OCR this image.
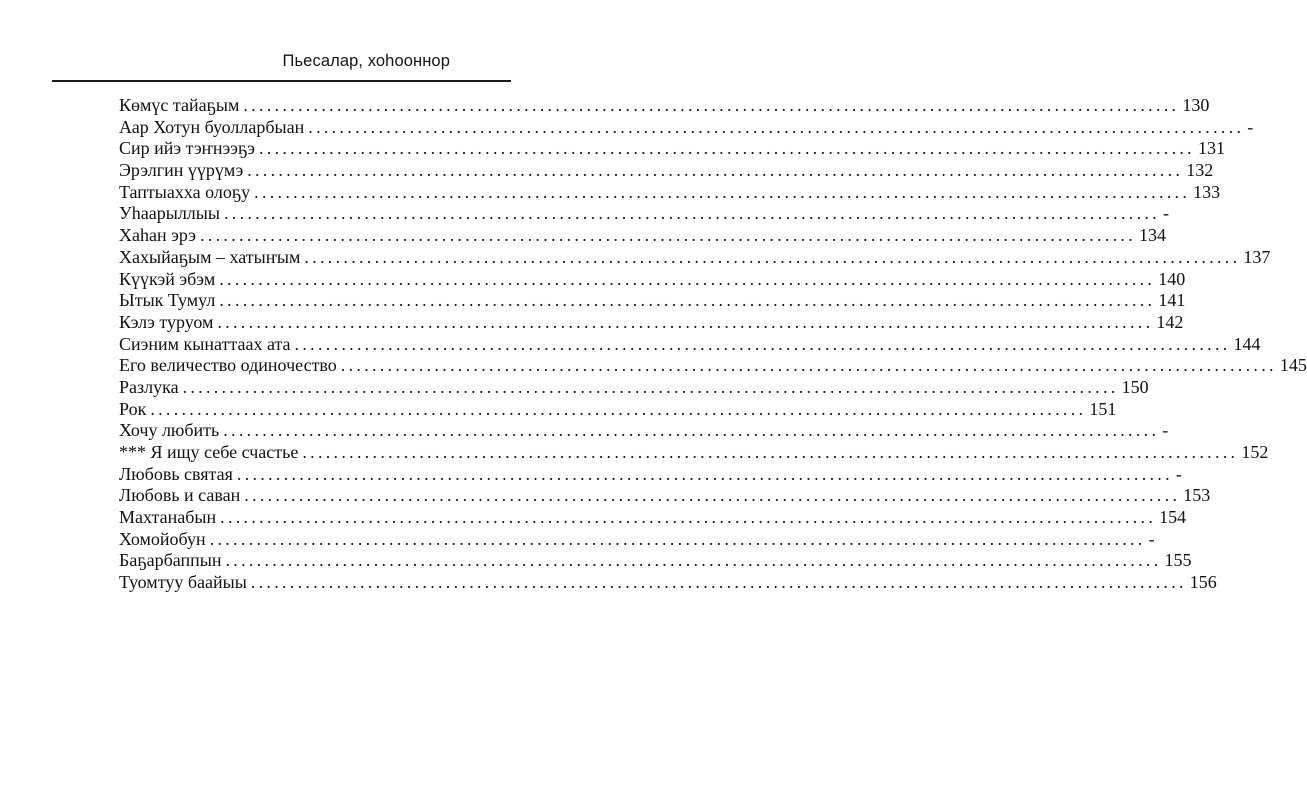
Пьесалар, хоһооннор
Көмүс тайаҕым ........................................................................................................................ 130
Аар Хотун буолларбыан ........................................................................................................................ -
Сир ийэ тэҥнээҕэ ........................................................................................................................ 131
Эрэлгин үүрүмэ ........................................................................................................................ 132
Таптыахха олоҕу ........................................................................................................................ 133
Уһаарыллыы ........................................................................................................................ -
Хаһан эрэ ........................................................................................................................ 134
Хахыйаҕым – хатыҥым ........................................................................................................................ 137
Күүкэй эбэм ........................................................................................................................ 140
Ытык Тумул ........................................................................................................................ 141
Кэлэ туруом ........................................................................................................................ 142
Сиэним кынаттаах ата ........................................................................................................................ 144
Его величество одиночество ........................................................................................................................ 145
Разлука ........................................................................................................................ 150
Рок ........................................................................................................................ 151
Хочу любить ........................................................................................................................ -
*** Я ищу себе счастье ........................................................................................................................ 152
Любовь святая ........................................................................................................................ -
Любовь и саван ........................................................................................................................ 153
Махтанабын ........................................................................................................................ 154
Хомойобун ........................................................................................................................ -
Баҕарбаппын ........................................................................................................................ 155
Туомтуу баайыы ........................................................................................................................ 156
